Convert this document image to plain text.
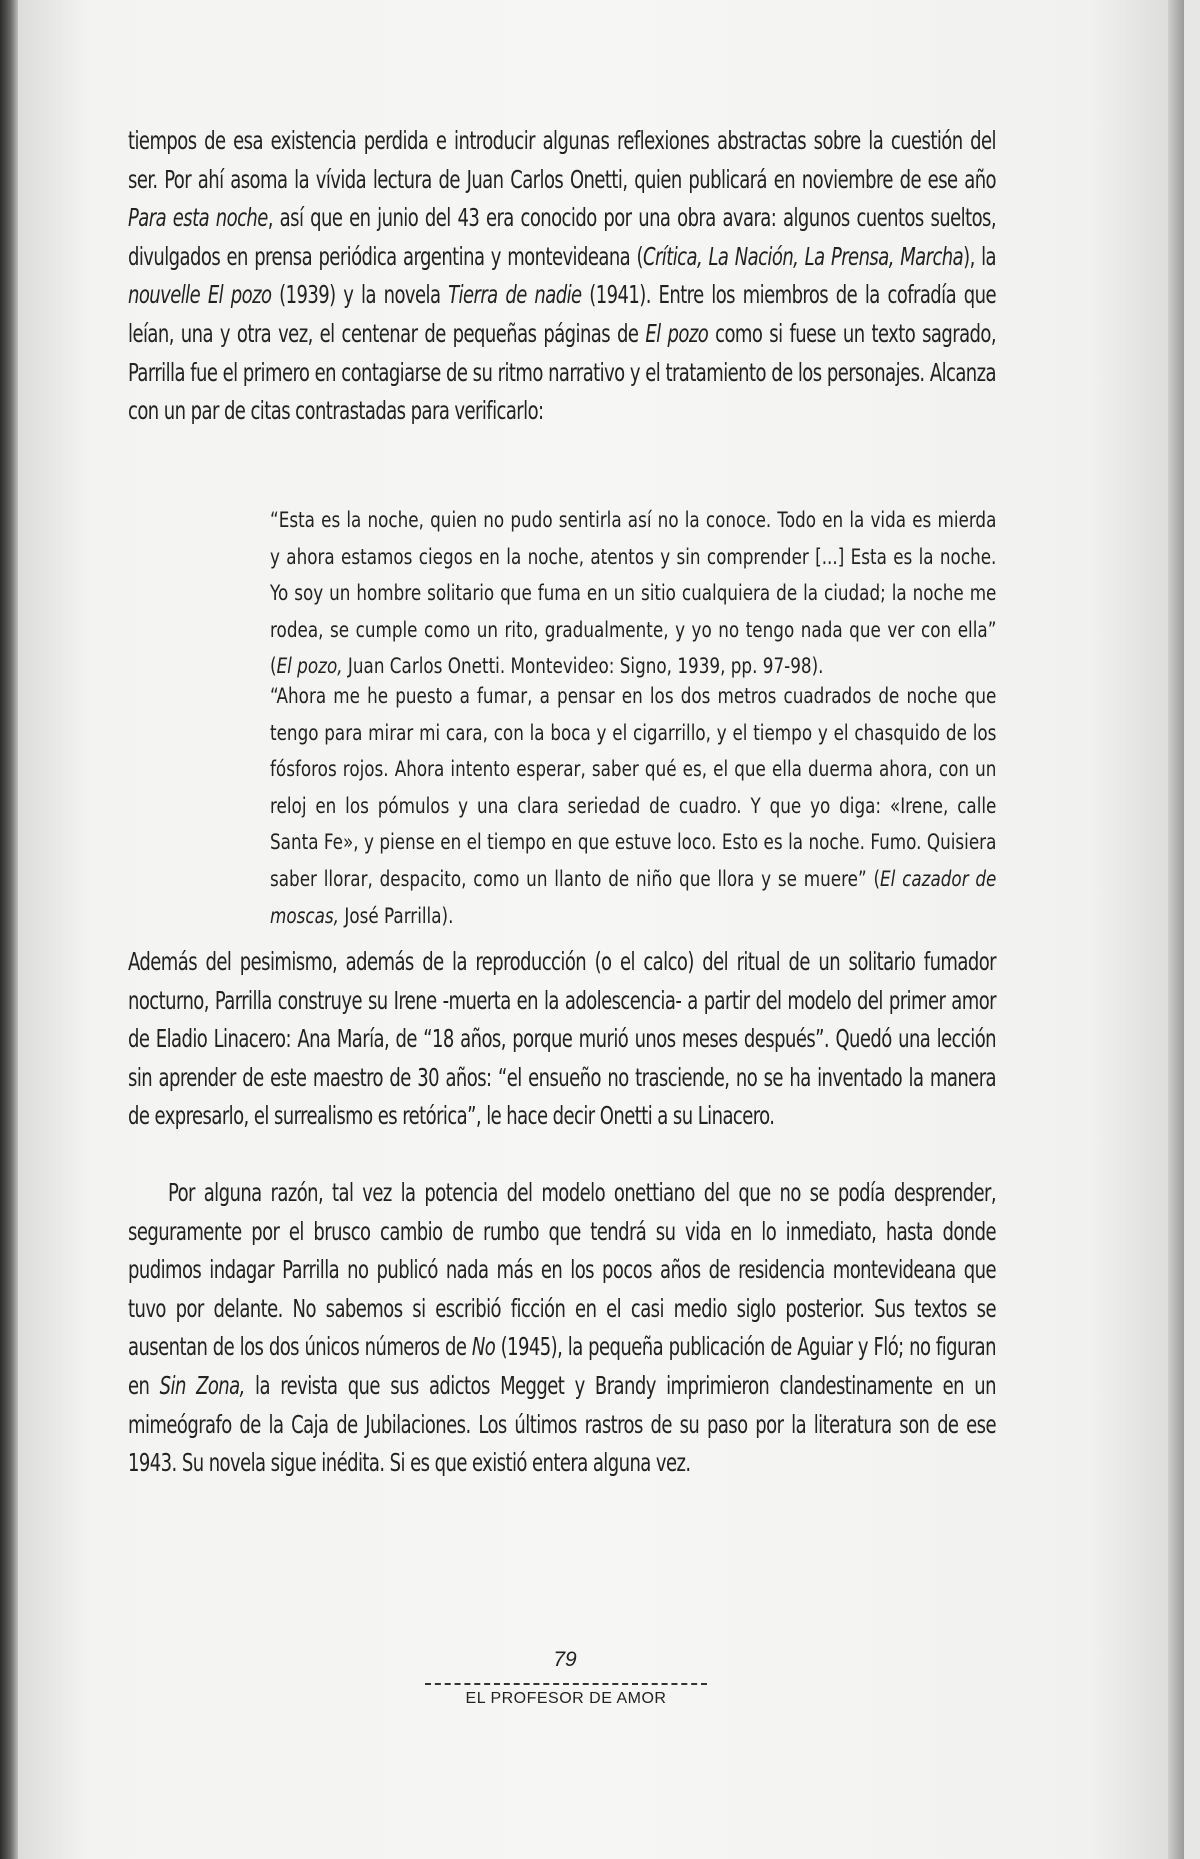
tiempos de esa existencia perdida e introducir algunas reflexiones abstractas sobre la cuestión del ser. Por ahí asoma la vívida lectura de Juan Carlos Onetti, quien publicará en noviembre de ese año Para esta noche, así que en junio del 43 era conocido por una obra avara: algunos cuentos sueltos, divulgados en prensa periódica argentina y montevideana (Crítica, La Nación, La Prensa, Marcha), la nouvelle El pozo (1939) y la novela Tierra de nadie (1941). Entre los miembros de la cofradía que leían, una y otra vez, el centenar de pequeñas páginas de El pozo como si fuese un texto sagrado, Parrilla fue el primero en contagiarse de su ritmo narrativo y el tratamiento de los personajes. Alcanza con un par de citas contrastadas para verificarlo:

“Esta es la noche, quien no pudo sentirla así no la conoce. Todo en la vida es mierda y ahora estamos ciegos en la noche, atentos y sin comprender [...] Esta es la noche. Yo soy un hombre solitario que fuma en un sitio cualquiera de la ciudad; la noche me rodea, se cumple como un rito, gradualmente, y yo no tengo nada que ver con ella” (El pozo, Juan Carlos Onetti. Montevideo: Signo, 1939, pp. 97-98).

“Ahora me he puesto a fumar, a pensar en los dos metros cuadrados de noche que tengo para mirar mi cara, con la boca y el cigarrillo, y el tiempo y el chasquido de los fósforos rojos. Ahora intento esperar, saber qué es, el que ella duerma ahora, con un reloj en los pómulos y una clara seriedad de cuadro. Y que yo diga: «Irene, calle Santa Fe», y piense en el tiempo en que estuve loco. Esto es la noche. Fumo. Quisiera saber llorar, despacito, como un llanto de niño que llora y se muere” (El cazador de moscas, José Parrilla).

Además del pesimismo, además de la reproducción (o el calco) del ritual de un solitario fumador nocturno, Parrilla construye su Irene -muerta en la adolescencia- a partir del modelo del primer amor de Eladio Linacero: Ana María, de “18 años, porque murió unos meses después”. Quedó una lección sin aprender de este maestro de 30 años: “el ensueño no trasciende, no se ha inventado la manera de expresarlo, el surrealismo es retórica”, le hace decir Onetti a su Linacero.

Por alguna razón, tal vez la potencia del modelo onettiano del que no se podía desprender, seguramente por el brusco cambio de rumbo que tendrá su vida en lo inmediato, hasta donde pudimos indagar Parrilla no publicó nada más en los pocos años de residencia montevideana que tuvo por delante. No sabemos si escribió ficción en el casi medio siglo posterior. Sus textos se ausentan de los dos únicos números de No (1945), la pequeña publicación de Aguiar y Fló; no figuran en Sin Zona, la revista que sus adictos Megget y Brandy imprimieron clandestinamente en un mimeógrafo de la Caja de Jubilaciones. Los últimos rastros de su paso por la literatura son de ese 1943. Su novela sigue inédita. Si es que existió entera alguna vez.

79
EL PROFESOR DE AMOR
